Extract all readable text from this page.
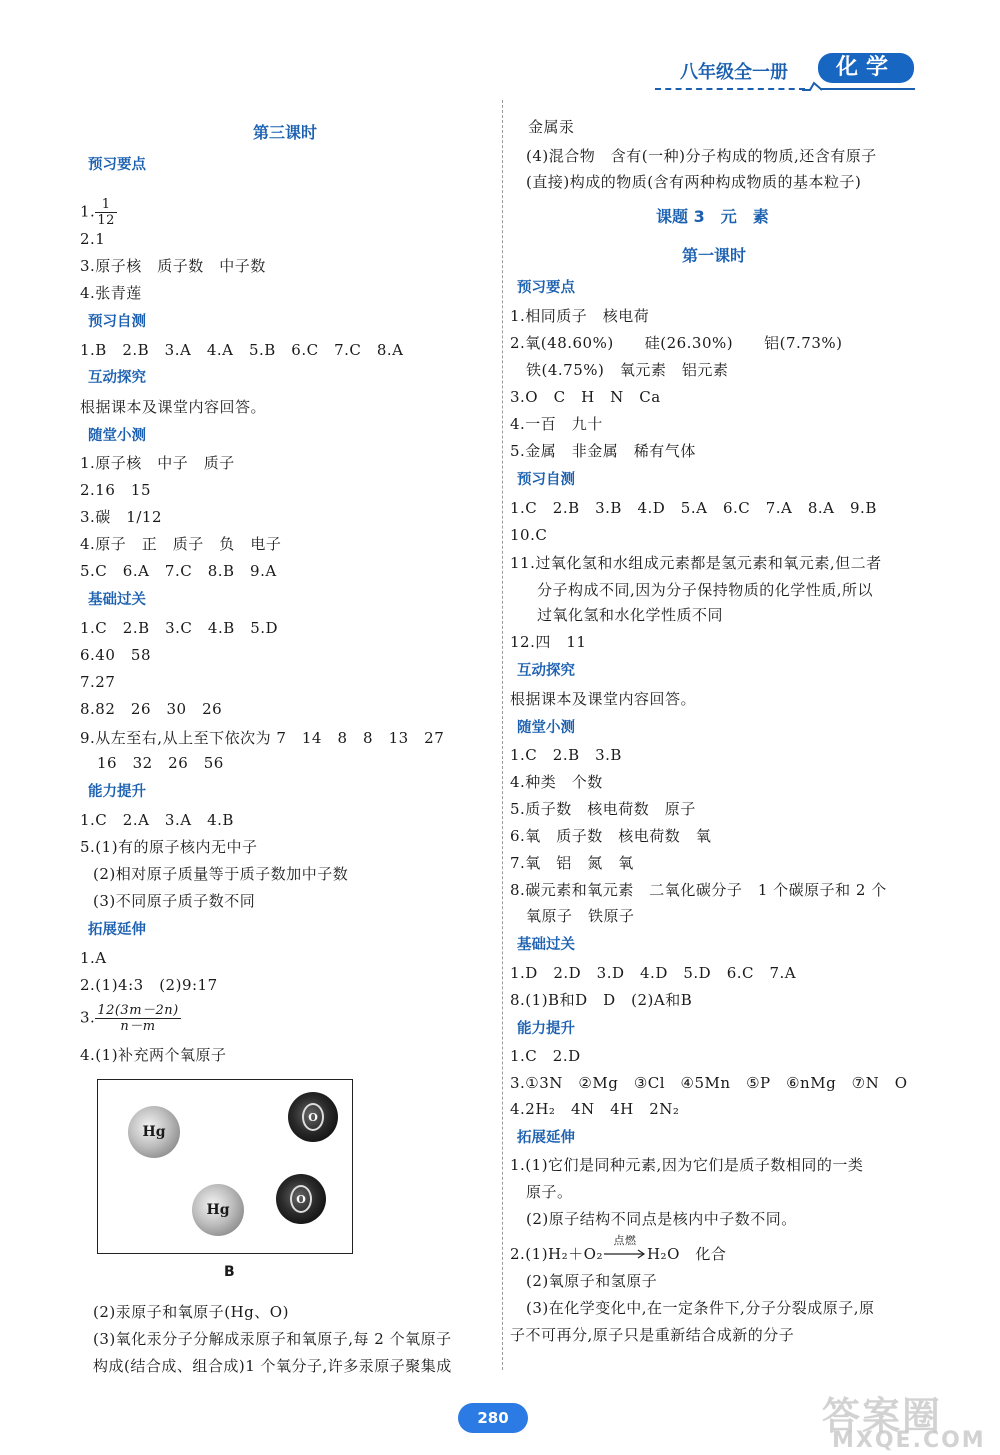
八年级全一册	化学
第三课时
预习要点
1. $\frac{1}{12}$
2.1
3.原子核　质子数　中子数
4.张青莲
预习自测
1.B　2.B　3.A　4.A　5.B　6.C　7.C　8.A
互动探究
根据课本及课堂内容回答。
随堂小测
1.原子核　中子　质子
2.16　15
3.碳　1/12
4.原子　正　质子　负　电子
5.C　6.A　7.C　8.B　9.A
基础过关
1.C　2.B　3.C　4.B　5.D
6.40　58
7.27
8.82　26　30　26
9.从左至右,从上至下依次为 7　14　8　8　13　27
16　32　26　56
能力提升
1.C　2.A　3.A　4.B
5.(1)有的原子核内无中子
(2)相对原子质量等于质子数加中子数
(3)不同原子质子数不同
拓展延伸
1.A
2.(1)4:3　(2)9:17
3. $\frac{12(3m-2n)}{n-m}$
4.(1)补充两个氧原子
Hg
O
Hg
O
B
(2)汞原子和氧原子(Hg、O)
(3)氧化汞分子分解成汞原子和氧原子,每 2 个氧原子
构成(结合成、组合成)1 个氧分子,许多汞原子聚集成
金属汞
(4)混合物　含有(一种)分子构成的物质,还含有原子
(直接)构成的物质(含有两种构成物质的基本粒子)
课题 3　元　素
第一课时
预习要点
1.相同质子　核电荷
2.氧(48.60%)　　硅(26.30%)　　铝(7.73%)
铁(4.75%)　氧元素　铝元素
3.O　C　H　N　Ca
4.一百　九十
5.金属　非金属　稀有气体
预习自测
1.C　2.B　3.B　4.D　5.A　6.C　7.A　8.A　9.B
10.C
11.过氧化氢和水组成元素都是氢元素和氧元素,但二者
分子构成不同,因为分子保持物质的化学性质,所以
过氧化氢和水化学性质不同
12.四　11
互动探究
根据课本及课堂内容回答。
随堂小测
1.C　2.B　3.B
4.种类　个数
5.质子数　核电荷数　原子
6.氧　质子数　核电荷数　氧
7.氧　铝　氮　氧
8.碳元素和氧元素　二氧化碳分子　1 个碳原子和 2 个
氧原子　铁原子
基础过关
1.D　2.D　3.D　4.D　5.D　6.C　7.A
8.(1)B和D　D　(2)A和B
能力提升
1.C　2.D
3.①3N　②Mg　③Cl　④5Mn　⑤P　⑥nMg　⑦N　O
4.2H₂　4N　4H　2N₂
拓展延伸
1.(1)它们是同种元素,因为它们是质子数相同的一类
原子。
(2)原子结构不同点是核内中子数不同。
2.(1)H₂＋O₂
点燃
H₂O　化合
(2)氧原子和氢原子
(3)在化学变化中,在一定条件下,分子分裂成原子,原
子不可再分,原子只是重新结合成新的分子
280	答案圈
MXQE.COM
